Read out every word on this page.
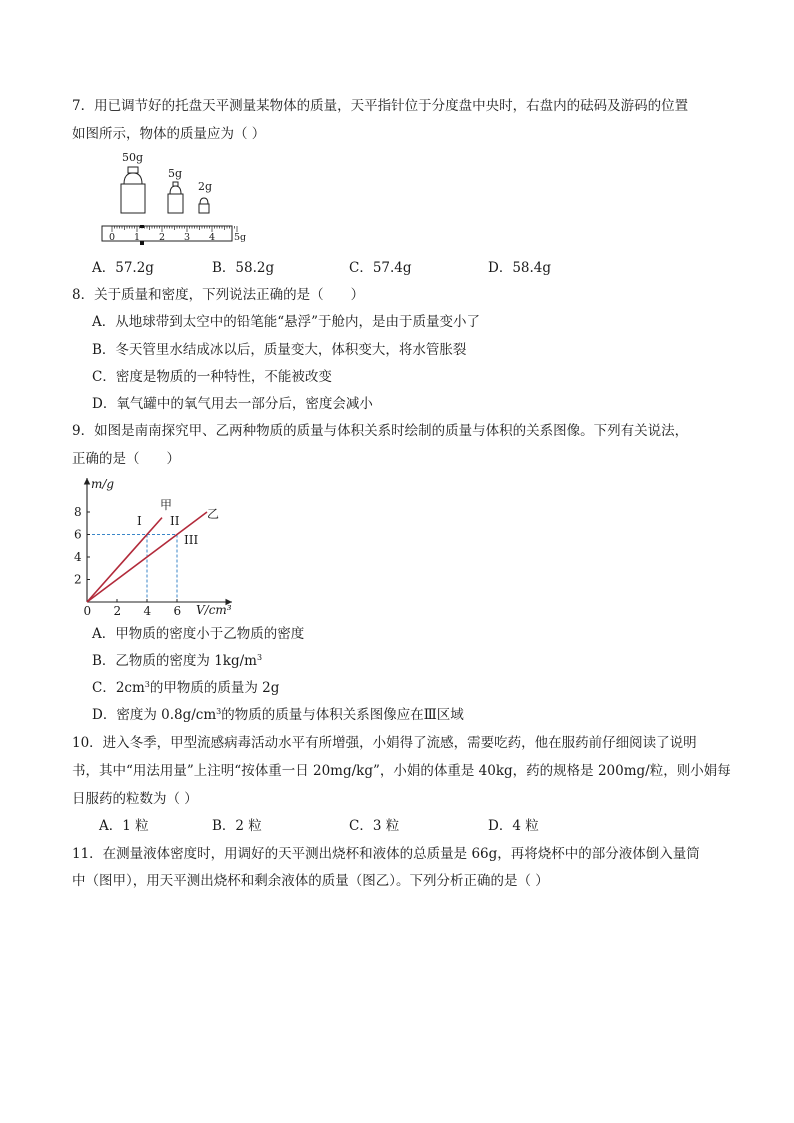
7．用已调节好的托盘天平测量某物体的质量，天平指针位于分度盘中央时，右盘内的砝码及游码的位置
如图所示，物体的质量应为（ ）
50g
5g
2g
0 1 2 3 4 5g
A．57.2g	B．58.2g	C．57.4g	D．58.4g
8．关于质量和密度，下列说法正确的是（　　）
A．从地球带到太空中的铅笔能“悬浮”于舱内，是由于质量变小了
B．冬天管里水结成冰以后，质量变大，体积变大，将水管胀裂
C．密度是物质的一种特性，不能被改变
D．氧气罐中的氧气用去一部分后，密度会减小
9．如图是南南探究甲、乙两种物质的质量与体积关系时绘制的质量与体积的关系图像。下列有关说法，
正确的是（　　）
m/g
V/cm³
0 2 4 6
2
4
6
8	甲
乙
I II
III
A．甲物质的密度小于乙物质的密度
B．乙物质的密度为 $1kg/m^3$
C．$2cm^3$的甲物质的质量为 2g
D．密度为 $0.8g/cm^3$的物质的质量与体积关系图像应在Ⅲ区域
10．进入冬季，甲型流感病毒活动水平有所增强，小娟得了流感，需要吃药，他在服药前仔细阅读了说明
书，其中“用法用量”上注明“按体重一日 20mg/kg”，小娟的体重是 40kg，药的规格是 200mg/粒，则小娟每
日服药的粒数为（ ）
A．1 粒	B．2 粒	C．3 粒	D．4 粒
11．在测量液体密度时，用调好的天平测出烧杯和液体的总质量是 66g，再将烧杯中的部分液体倒入量筒
中（图甲），用天平测出烧杯和剩余液体的质量（图乙）。下列分析正确的是（ ）
